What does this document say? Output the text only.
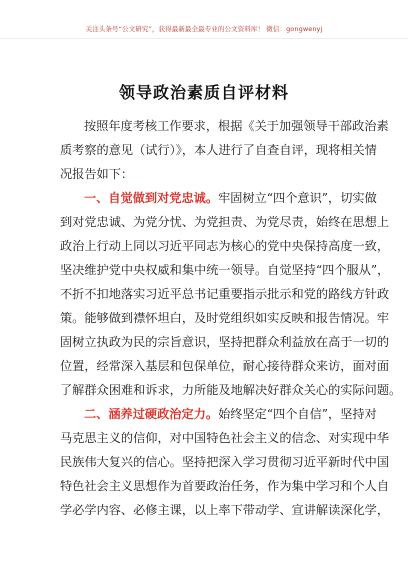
关注头条号“公文研究”，获得最新最全最专业的公文资料库！ 微信：gongwenyj
领导政治素质自评材料
按照年度考核工作要求，根据《关于加强领导干部政治素
质考察的意见（试行）》，本人进行了自查自评，现将相关情
况报告如下：
一、自觉做到对党忠诚。牢固树立“四个意识”，切实做
到对党忠诚、为党分忧、为党担责、为党尽责，始终在思想上
政治上行动上同以习近平同志为核心的党中央保持高度一致，
坚决维护党中央权威和集中统一领导。自觉坚持“四个服从”，
不折不扣地落实习近平总书记重要指示批示和党的路线方针政
策。能够做到襟怀坦白，及时党组织如实反映和报告情况。牢
固树立执政为民的宗旨意识，坚持把群众利益放在高于一切的
位置，经常深入基层和包保单位，耐心接待群众来访，面对面
了解群众困难和诉求，力所能及地解决好群众关心的实际问题。
二、涵养过硬政治定力。始终坚定“四个自信”，坚持对
马克思主义的信仰，对中国特色社会主义的信念、对实现中华
民族伟大复兴的信心。坚持把深入学习贯彻习近平新时代中国
特色社会主义思想作为首要政治任务，作为集中学习和个人自
学必学内容、必修主课，以上率下带动学、宣讲解读深化学，
